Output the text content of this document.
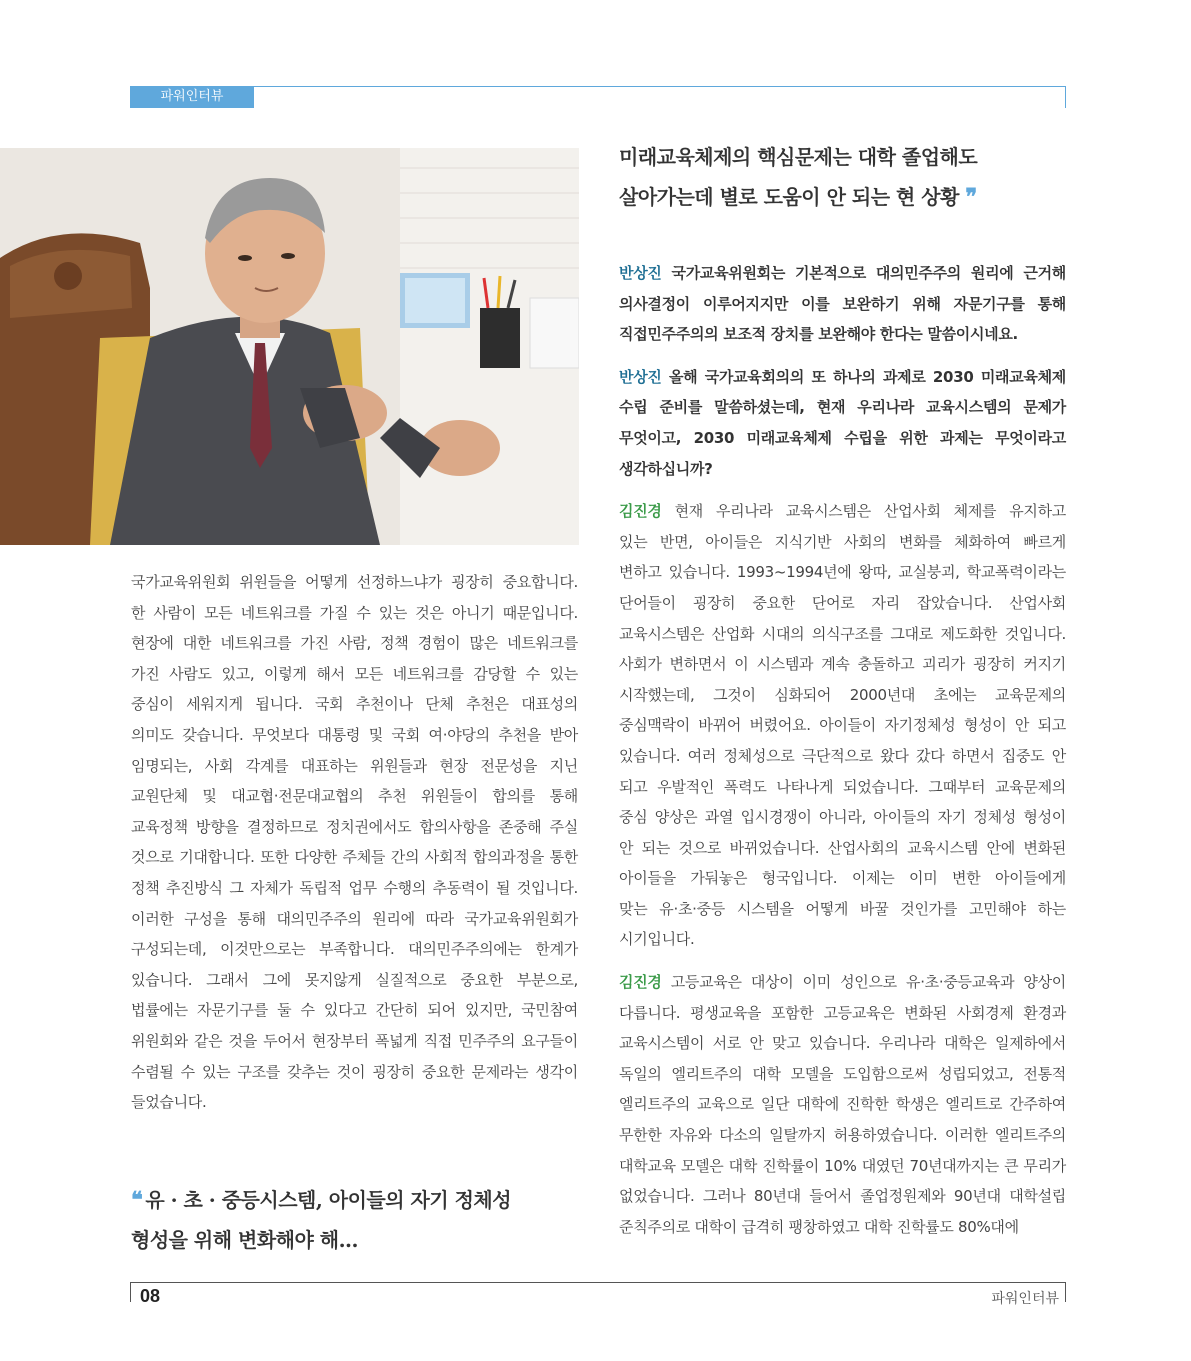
파워인터뷰
미래교육체제의 핵심문제는 대학 졸업해도
살아가는데 별로 도움이 안 되는 현 상황 ❞
국가교육위원회 위원들을 어떻게 선정하느냐가 굉장히 중요합니다.
한 사람이 모든 네트워크를 가질 수 있는 것은 아니기 때문입니다.
현장에 대한 네트워크를 가진 사람, 정책 경험이 많은 네트워크를
가진 사람도 있고, 이렇게 해서 모든 네트워크를 감당할 수 있는
중심이 세워지게 됩니다. 국회 추천이나 단체 추천은 대표성의
의미도 갖습니다. 무엇보다 대통령 및 국회 여·야당의 추천을 받아
임명되는, 사회 각계를 대표하는 위원들과 현장 전문성을 지닌
교원단체 및 대교협·전문대교협의 추천 위원들이 합의를 통해
교육정책 방향을 결정하므로 정치권에서도 합의사항을 존중해 주실
것으로 기대합니다. 또한 다양한 주체들 간의 사회적 합의과정을 통한
정책 추진방식 그 자체가 독립적 업무 수행의 추동력이 될 것입니다.
이러한 구성을 통해 대의민주주의 원리에 따라 국가교육위원회가
구성되는데, 이것만으로는 부족합니다. 대의민주주의에는 한계가
있습니다. 그래서 그에 못지않게 실질적으로 중요한 부분으로,
법률에는 자문기구를 둘 수 있다고 간단히 되어 있지만, 국민참여
위원회와 같은 것을 두어서 현장부터 폭넓게 직접 민주주의 요구들이
수렴될 수 있는 구조를 갖추는 것이 굉장히 중요한 문제라는 생각이
들었습니다.
❝ 유 · 초 · 중등시스템, 아이들의 자기 정체성
형성을 위해 변화해야 해...
반상진 국가교육위원회는 기본적으로 대의민주주의 원리에 근거해
의사결정이 이루어지지만 이를 보완하기 위해 자문기구를 통해
직접민주주의의 보조적 장치를 보완해야 한다는 말씀이시네요.
반상진 올해 국가교육회의의 또 하나의 과제로 2030 미래교육체제
수립 준비를 말씀하셨는데, 현재 우리나라 교육시스템의 문제가
무엇이고, 2030 미래교육체제 수립을 위한 과제는 무엇이라고
생각하십니까?
김진경 현재 우리나라 교육시스템은 산업사회 체제를 유지하고
있는 반면, 아이들은 지식기반 사회의 변화를 체화하여 빠르게
변하고 있습니다. 1993~1994년에 왕따, 교실붕괴, 학교폭력이라는
단어들이 굉장히 중요한 단어로 자리 잡았습니다. 산업사회
교육시스템은 산업화 시대의 의식구조를 그대로 제도화한 것입니다.
사회가 변하면서 이 시스템과 계속 충돌하고 괴리가 굉장히 커지기
시작했는데, 그것이 심화되어 2000년대 초에는 교육문제의
중심맥락이 바뀌어 버렸어요. 아이들이 자기정체성 형성이 안 되고
있습니다. 여러 정체성으로 극단적으로 왔다 갔다 하면서 집중도 안
되고 우발적인 폭력도 나타나게 되었습니다. 그때부터 교육문제의
중심 양상은 과열 입시경쟁이 아니라, 아이들의 자기 정체성 형성이
안 되는 것으로 바뀌었습니다. 산업사회의 교육시스템 안에 변화된
아이들을 가둬놓은 형국입니다. 이제는 이미 변한 아이들에게
맞는 유·초·중등 시스템을 어떻게 바꿀 것인가를 고민해야 하는
시기입니다.
김진경 고등교육은 대상이 이미 성인으로 유·초·중등교육과 양상이
다릅니다. 평생교육을 포함한 고등교육은 변화된 사회경제 환경과
교육시스템이 서로 안 맞고 있습니다. 우리나라 대학은 일제하에서
독일의 엘리트주의 대학 모델을 도입함으로써 성립되었고, 전통적
엘리트주의 교육으로 일단 대학에 진학한 학생은 엘리트로 간주하여
무한한 자유와 다소의 일탈까지 허용하였습니다. 이러한 엘리트주의
대학교육 모델은 대학 진학률이 10% 대였던 70년대까지는 큰 무리가
없었습니다. 그러나 80년대 들어서 졸업정원제와 90년대 대학설립
준칙주의로 대학이 급격히 팽창하였고 대학 진학률도 80%대에
08	파워인터뷰
